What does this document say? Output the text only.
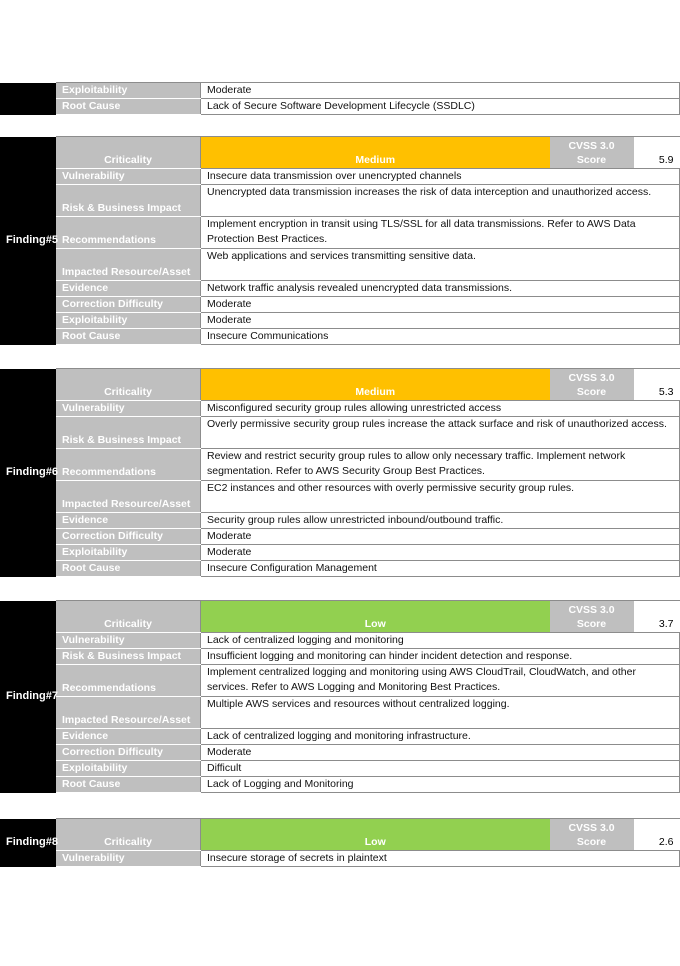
	Exploitability	Moderate
	Root Cause	Lack of Secure Software Development Lifecycle (SSDLC)
Finding#5	Criticality	Medium	CVSS 3.0 Score	5.9
	Vulnerability	Insecure data transmission over unencrypted channels		
	Risk & Business Impact	Unencrypted data transmission increases the risk of data interception and unauthorized access.		
	Recommendations	Implement encryption in transit using TLS/SSL for all data transmissions. Refer to AWS Data Protection Best Practices.		
	Impacted Resource/Asset	Web applications and services transmitting sensitive data.		
	Evidence	Network traffic analysis revealed unencrypted data transmissions.		
	Correction Difficulty	Moderate		
	Exploitability	Moderate		
	Root Cause	Insecure Communications		
Finding#6	Criticality	Medium	CVSS 3.0 Score	5.3
	Vulnerability	Misconfigured security group rules allowing unrestricted access		
	Risk & Business Impact	Overly permissive security group rules increase the attack surface and risk of unauthorized access.		
	Recommendations	Review and restrict security group rules to allow only necessary traffic. Implement network segmentation. Refer to AWS Security Group Best Practices.		
	Impacted Resource/Asset	EC2 instances and other resources with overly permissive security group rules.		
	Evidence	Security group rules allow unrestricted inbound/outbound traffic.		
	Correction Difficulty	Moderate		
	Exploitability	Moderate		
	Root Cause	Insecure Configuration Management		
Finding#7	Criticality	Low	CVSS 3.0 Score	3.7
	Vulnerability	Lack of centralized logging and monitoring		
	Risk & Business Impact	Insufficient logging and monitoring can hinder incident detection and response.		
	Recommendations	Implement centralized logging and monitoring using AWS CloudTrail, CloudWatch, and other services. Refer to AWS Logging and Monitoring Best Practices.		
	Impacted Resource/Asset	Multiple AWS services and resources without centralized logging.		
	Evidence	Lack of centralized logging and monitoring infrastructure.		
	Correction Difficulty	Moderate		
	Exploitability	Difficult		
	Root Cause	Lack of Logging and Monitoring		
Finding#8	Criticality	Low	CVSS 3.0 Score	2.6
	Vulnerability	Insecure storage of secrets in plaintext		
